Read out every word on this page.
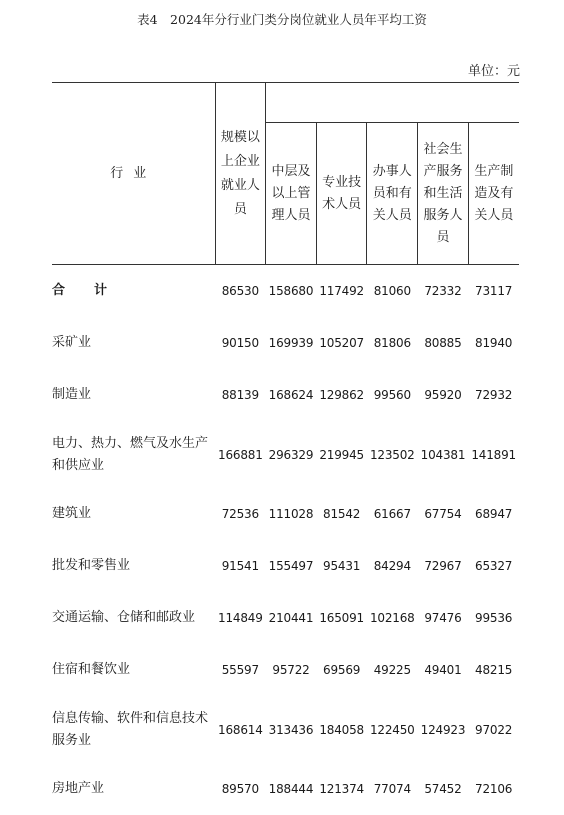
表4　2024年分行业门类分岗位就业人员年平均工资
单位：元
行业	规模以上企业就业人员					
		中层及以上管理人员	专业技术人员	办事人员和有关人员	社会生产服务和生活服务人员	生产制造及有关人员
合　计	86530	158680	117492	81060	72332	73117
采矿业	90150	169939	105207	81806	80885	81940
制造业	88139	168624	129862	99560	95920	72932
电力、热力、燃气及水生产和供应业	166881	296329	219945	123502	104381	141891
建筑业	72536	111028	81542	61667	67754	68947
批发和零售业	91541	155497	95431	84294	72967	65327
交通运输、仓储和邮政业	114849	210441	165091	102168	97476	99536
住宿和餐饮业	55597	95722	69569	49225	49401	48215
信息传输、软件和信息技术服务业	168614	313436	184058	122450	124923	97022
房地产业	89570	188444	121374	77074	57452	72106
